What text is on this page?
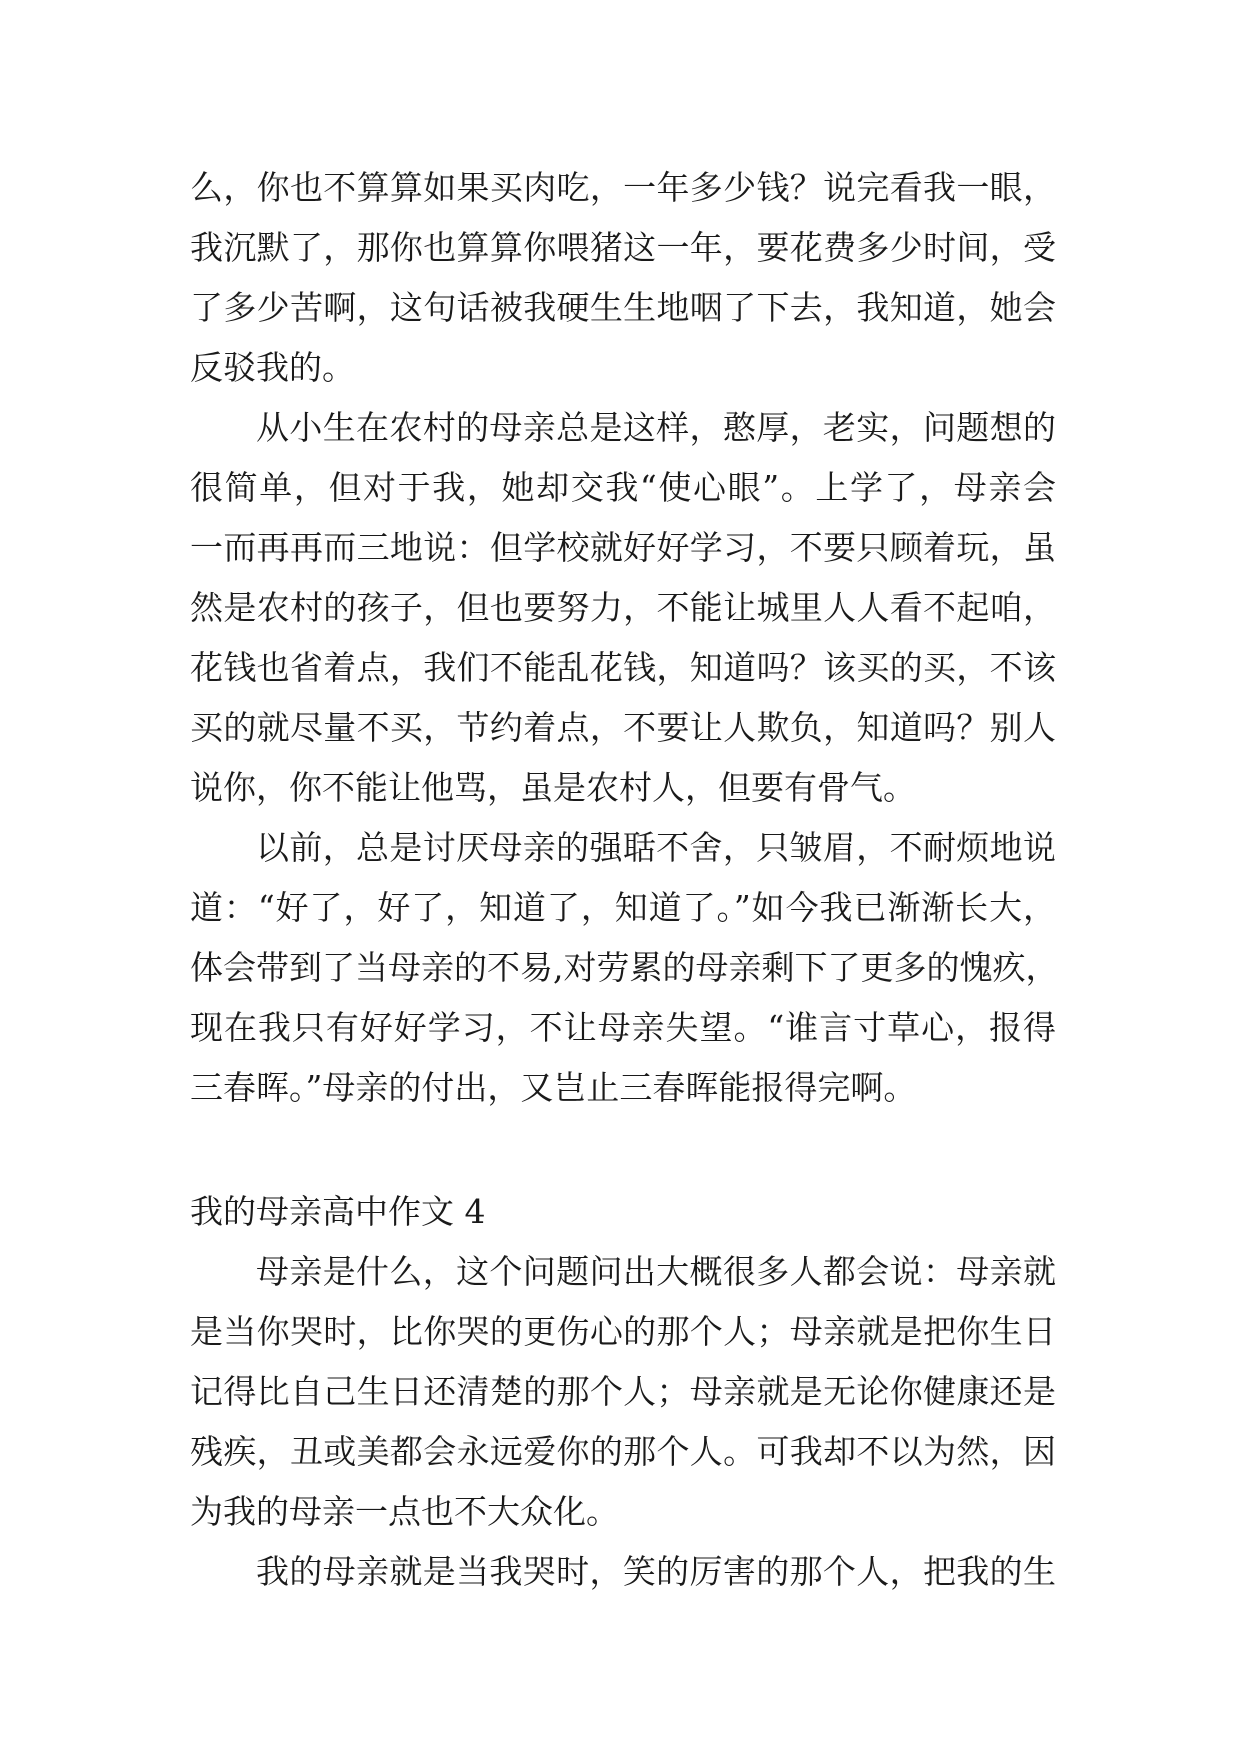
么，你也不算算如果买肉吃，一年多少钱？说完看我一眼，
我沉默了，那你也算算你喂猪这一年，要花费多少时间，受
了多少苦啊，这句话被我硬生生地咽了下去，我知道，她会
反驳我的。
从小生在农村的母亲总是这样，憨厚，老实，问题想的
很简单，但对于我，她却交我“使心眼”。上学了，母亲会
一而再再而三地说：但学校就好好学习，不要只顾着玩，虽
然是农村的孩子，但也要努力，不能让城里人人看不起咱，
花钱也省着点，我们不能乱花钱，知道吗？该买的买，不该
买的就尽量不买，节约着点，不要让人欺负，知道吗？别人
说你，你不能让他骂，虽是农村人，但要有骨气。
以前，总是讨厌母亲的强聒不舍，只皱眉，不耐烦地说
道：“好了，好了，知道了，知道了。”如今我已渐渐长大，
体会带到了当母亲的不易,对劳累的母亲剩下了更多的愧疚，
现在我只有好好学习，不让母亲失望。“谁言寸草心，报得
三春晖。”母亲的付出，又岂止三春晖能报得完啊。
我的母亲高中作文 4
母亲是什么，这个问题问出大概很多人都会说：母亲就
是当你哭时，比你哭的更伤心的那个人；母亲就是把你生日
记得比自己生日还清楚的那个人；母亲就是无论你健康还是
残疾，丑或美都会永远爱你的那个人。可我却不以为然，因
为我的母亲一点也不大众化。
我的母亲就是当我哭时，笑的厉害的那个人，把我的生
